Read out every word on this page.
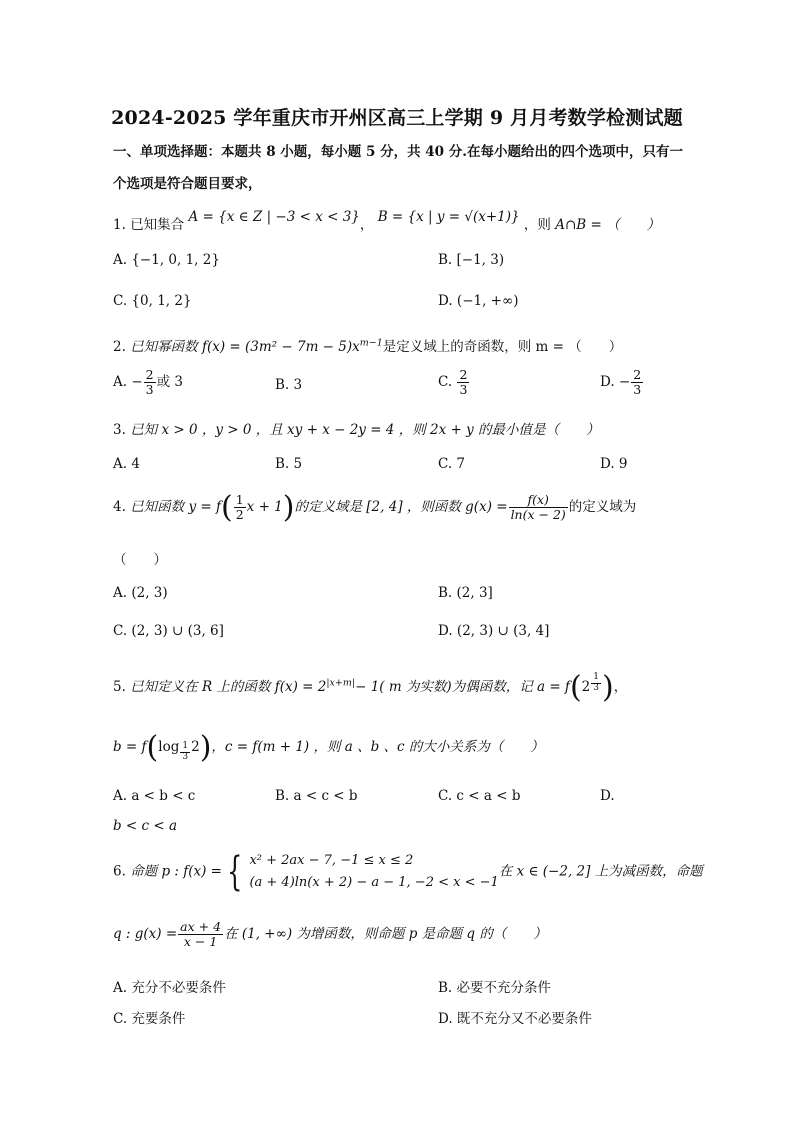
2024-2025 学年重庆市开州区高三上学期 9 月月考数学检测试题
一、单项选择题：本题共 8 小题，每小题 5 分，共 40 分.在每小题给出的四个选项中，只有一
个选项是符合题目要求，
1. 已知集合 A = {x ∈ Z | −3 < x < 3}， B = {x | y = √(x+1)} ，则 A∩B = （　　）
A. {−1, 0, 1, 2}	B. [−1, 3)
C. {0, 1, 2}	D. (−1, +∞)
2. 已知幂函数 $f(x) = (3m^2 - 7m - 5)x^{m-1}$是定义域上的奇函数，则 m = （　　）
A. − $\frac{2}{3}$ 或 3	B. 3	C. $\frac{2}{3}$	D. − $\frac{2}{3}$
3. 已知 x > 0 ，y > 0 ，且 xy + x − 2y = 4 ，则 2x + y 的最小值是（　　）
A. 4	B. 5	C. 7	D. 9
4. 已知函数 $y = f( \frac{1}{2}$ x + 1)的定义域是 [2, 4] ，则函数 $g(x) = \frac{f(x)}{\ln(x - 2)}$ 的定义域为
（　　）
A. (2, 3)	B. (2, 3]
C. (2, 3) ∪ (3, 6]	D. (2, 3) ∪ (3, 4]
5. 已知定义在 R 上的函数 $f(x) = 2^{|x+m|}- 1$( m 为实数)为偶函数，记 a = f(2 $^{\frac{1}{3}}$ )，
b = f(log $_{\frac{1}{3}}$ 2)，c = f(m + 1) ，则 a 、b 、c 的大小关系为（　　）
A. a < b < c	B. a < c < b	C. c < a < b	D.
b < c < a
6. 命题 p : f(x) = { x² + 2ax − 7, −1 ≤ x ≤ 2
(a + 4)ln(x + 2) − a − 1, −2 < x < −1
在 x ∈ (−2, 2] 上为减函数，命题
q : $g(x) = \frac{ax + 4}{x - 1}$ 在 (1, +∞) 为增函数，则命题 p 是命题 q 的（　　）
A. 充分不必要条件	B. 必要不充分条件
C. 充要条件	D. 既不充分又不必要条件
